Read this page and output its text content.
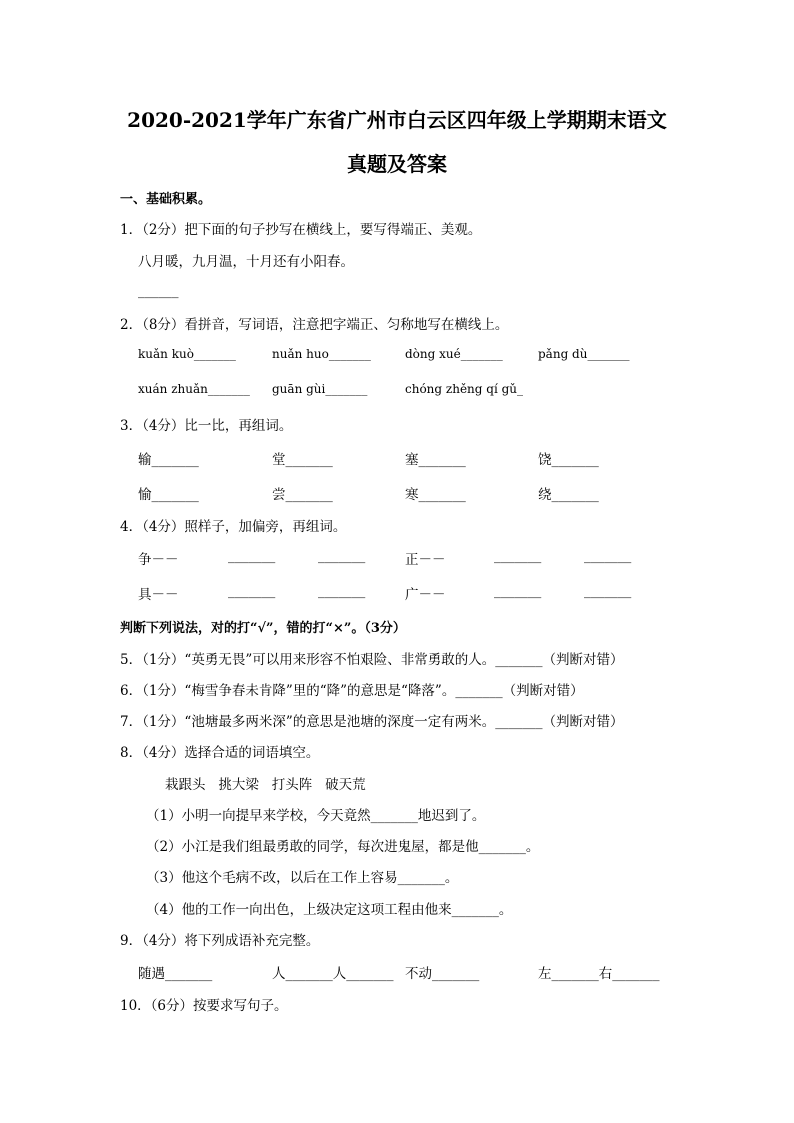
2020-2021学年广东省广州市白云区四年级上学期期末语文
真题及答案
一、基础积累。
1．（2分）把下面的句子抄写在横线上，要写得端正、美观。
八月暖，九月温，十月还有小阳春。
______
2．（8分）看拼音，写词语，注意把字端正、匀称地写在横线上。
kuǎn kuò_______	nuǎn huo_______	dòng xué_______	pǎng dù_______
xuán zhuǎn_______ guān gùi_______	chóng zhěng qí gǔ_
3．（4分）比一比，再组词。
输_______	堂_______	塞_______	饶_______
愉_______	尝_______	寒_______	绕_______
4．（4分）照样子，加偏旁，再组词。
争－－	_______	_______	正－－	_______	_______
具－－	_______	_______	广－－	_______	_______
判断下列说法，对的打“√”，错的打“×”。（3分）
5．（1分）“英勇无畏”可以用来形容不怕艰险、非常勇敢的人。_______（判断对错）
6．（1分）“梅雪争春未肯降”里的“降”的意思是“降落”。_______（判断对错）
7．（1分）“池塘最多两米深”的意思是池塘的深度一定有两米。_______（判断对错）
8．（4分）选择合适的词语填空。
栽跟头   挑大梁   打头阵   破天荒
（1）小明一向提早来学校，今天竟然_______地迟到了。
（2）小江是我们组最勇敢的同学，每次进鬼屋，都是他_______。
（3）他这个毛病不改，以后在工作上容易_______。
（4）他的工作一向出色，上级决定这项工程由他来_______。
9．（4分）将下列成语补充完整。
随遇_______	人_______人_______ 不动_______	左_______右_______
10．（6分）按要求写句子。
